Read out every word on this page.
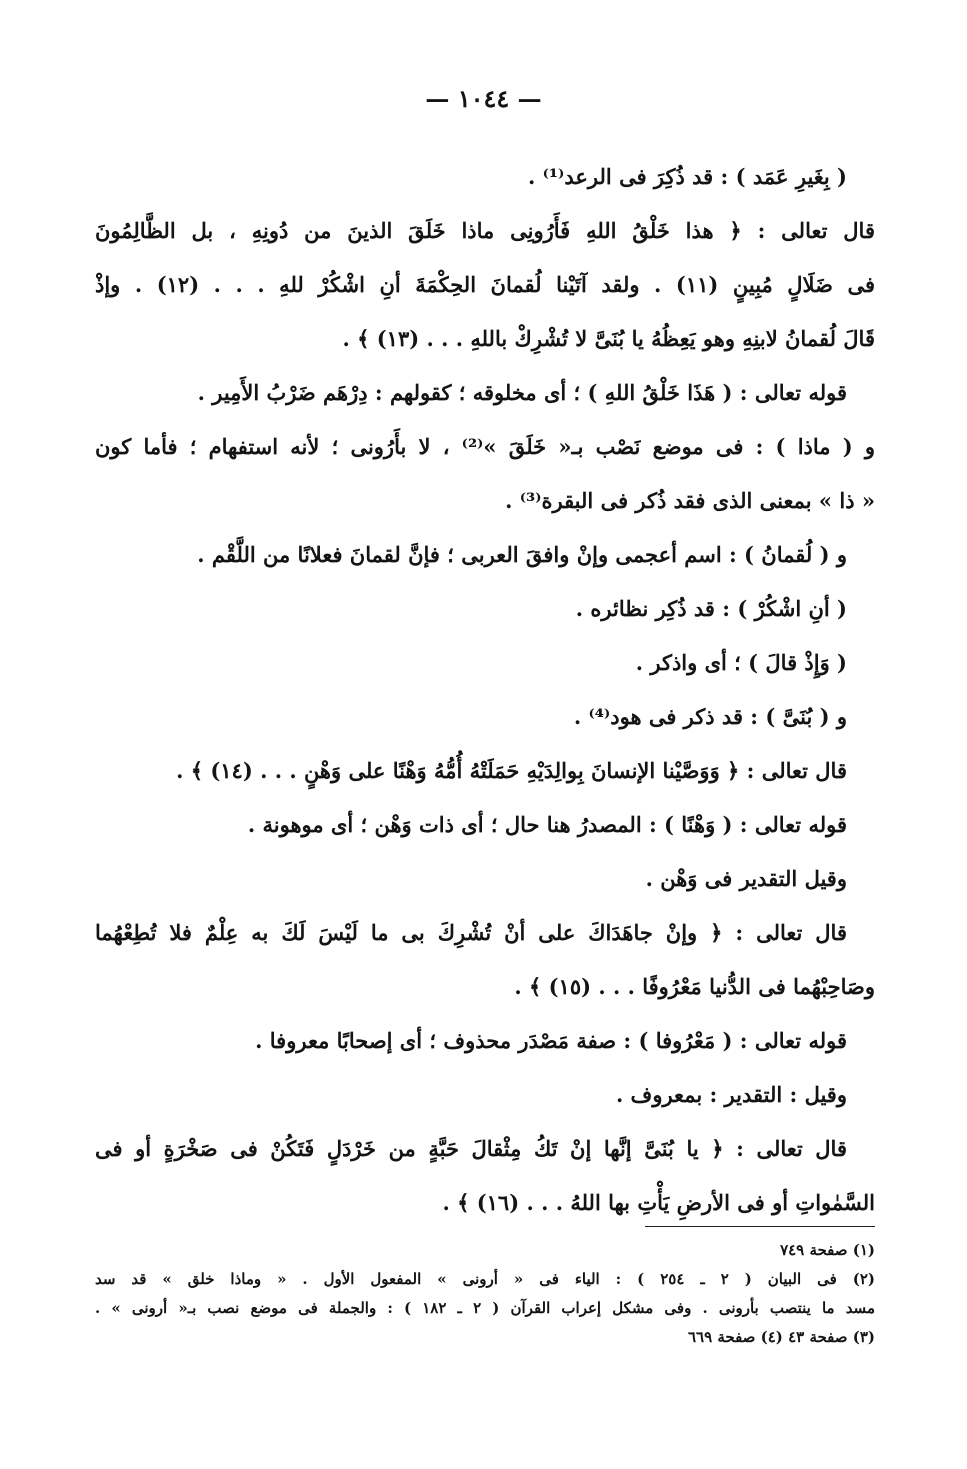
— ١٠٤٤ —
( بِغَيرِ عَمَد ) : قد ذُكِرَ فى الرعد⁽¹⁾ .
قال تعالى : ﴿ هذا خَلْقُ اللهِ فَأَرُونِى ماذا خَلَقَ الذينَ من دُونِهِ ، بل الظَّالِمُونَ
فى ضَلَالٍ مُبِينٍ (١١) . ولقد آتَيْنا لُقمانَ الحِكْمَةَ أنِ اشْكُرْ للهِ . . . (١٢) . وإذْ
قَالَ لُقمانُ لابنِهِ وهو يَعِظُهُ يا بُنَىَّ لا تُشْرِكْ باللهِ . . . (١٣) ﴾ .
قوله تعالى : ( هَذَا خَلْقُ اللهِ ) ؛ أى مخلوقه ؛ كقولهم : دِرْهَم ضَرْبُ الأَمِير .
و ( ماذا ) : فى موضع نَصْب بـ« خَلَقَ »⁽²⁾ ، لا بأَرُونى ؛ لأنه استفهام ؛ فأما كون
« ذا » بمعنى الذى فقد ذُكر فى البقرة⁽³⁾ .
و ( لُقمانُ ) : اسم أعجمى وإنْ وافقَ العربى ؛ فإنَّ لقمانَ فعلانًا من اللَّقْم .
( أنِ اشْكُرْ ) : قد ذُكِر نظائره .
( وَإِذْ قالَ ) ؛ أى واذكر .
و ( بُنَىَّ ) : قد ذكر فى هود⁽⁴⁾ .
قال تعالى : ﴿ وَوَصَّيْنا الإنسانَ بِوالِدَيْهِ حَمَلَتْهُ أُمُّهُ وَهْنًا على وَهْنٍ . . . (١٤) ﴾ .
قوله تعالى : ( وَهْنًا ) : المصدرُ هنا حال ؛ أى ذات وَهْن ؛ أى موهونة .
وقيل التقدير فى وَهْن .
قال تعالى : ﴿ وإنْ جاهَدَاكَ على أنْ تُشْرِكَ بى ما لَيْسَ لَكَ به عِلْمٌ فلا تُطِعْهُما
وصَاحِبْهُما فى الدُّنيا مَعْرُوفًا . . . (١٥) ﴾ .
قوله تعالى : ( مَعْرُوفا ) : صفة مَصْدَر محذوف ؛ أى إصحابًا معروفا .
وقيل : التقدير : بمعروف .
قال تعالى : ﴿ يا بُنَىَّ إنَّها إنْ تَكُ مِثْقالَ حَبَّةٍ من خَرْدَلٍ فَتَكُنْ فى صَخْرَةٍ أو فى
السَّمٰواتِ أو فى الأرضِ يَأْتِ بها اللهُ . . . (١٦) ﴾ .
(١) صفحة ٧٤٩
(٢) فى البيان ( ٢ ـ ٢٥٤ ) : الياء فى « أرونى » المفعول الأول . « وماذا خلق » قد سد
مسد ما ينتصب بأرونى . وفى مشكل إعراب القرآن ( ٢ ـ ١٨٢ ) : والجملة فى موضع نصب بـ« أرونى » .
(٣) صفحة ٤٣ (٤) صفحة ٦٦٩
